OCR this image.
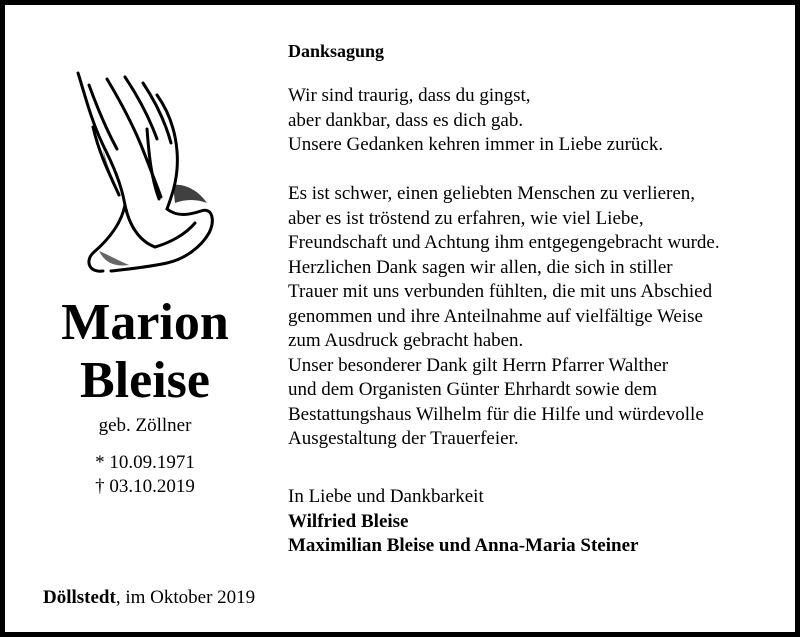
Marion
Bleise
geb. Zöllner
* 10.09.1971
† 03.10.2019
Döllstedt, im Oktober 2019
Danksagung
Wir sind traurig, dass du gingst,
aber dankbar, dass es dich gab.
Unsere Gedanken kehren immer in Liebe zurück.
Es ist schwer, einen geliebten Menschen zu verlieren,
aber es ist tröstend zu erfahren, wie viel Liebe,
Freundschaft und Achtung ihm entgegengebracht wurde.
Herzlichen Dank sagen wir allen, die sich in stiller
Trauer mit uns verbunden fühlten, die mit uns Abschied
genommen und ihre Anteilnahme auf vielfältige Weise
zum Ausdruck gebracht haben.
Unser besonderer Dank gilt Herrn Pfarrer Walther
und dem Organisten Günter Ehrhardt sowie dem
Bestattungshaus Wilhelm für die Hilfe und würdevolle
Ausgestaltung der Trauerfeier.
In Liebe und Dankbarkeit
Wilfried Bleise
Maximilian Bleise und Anna-Maria Steiner
